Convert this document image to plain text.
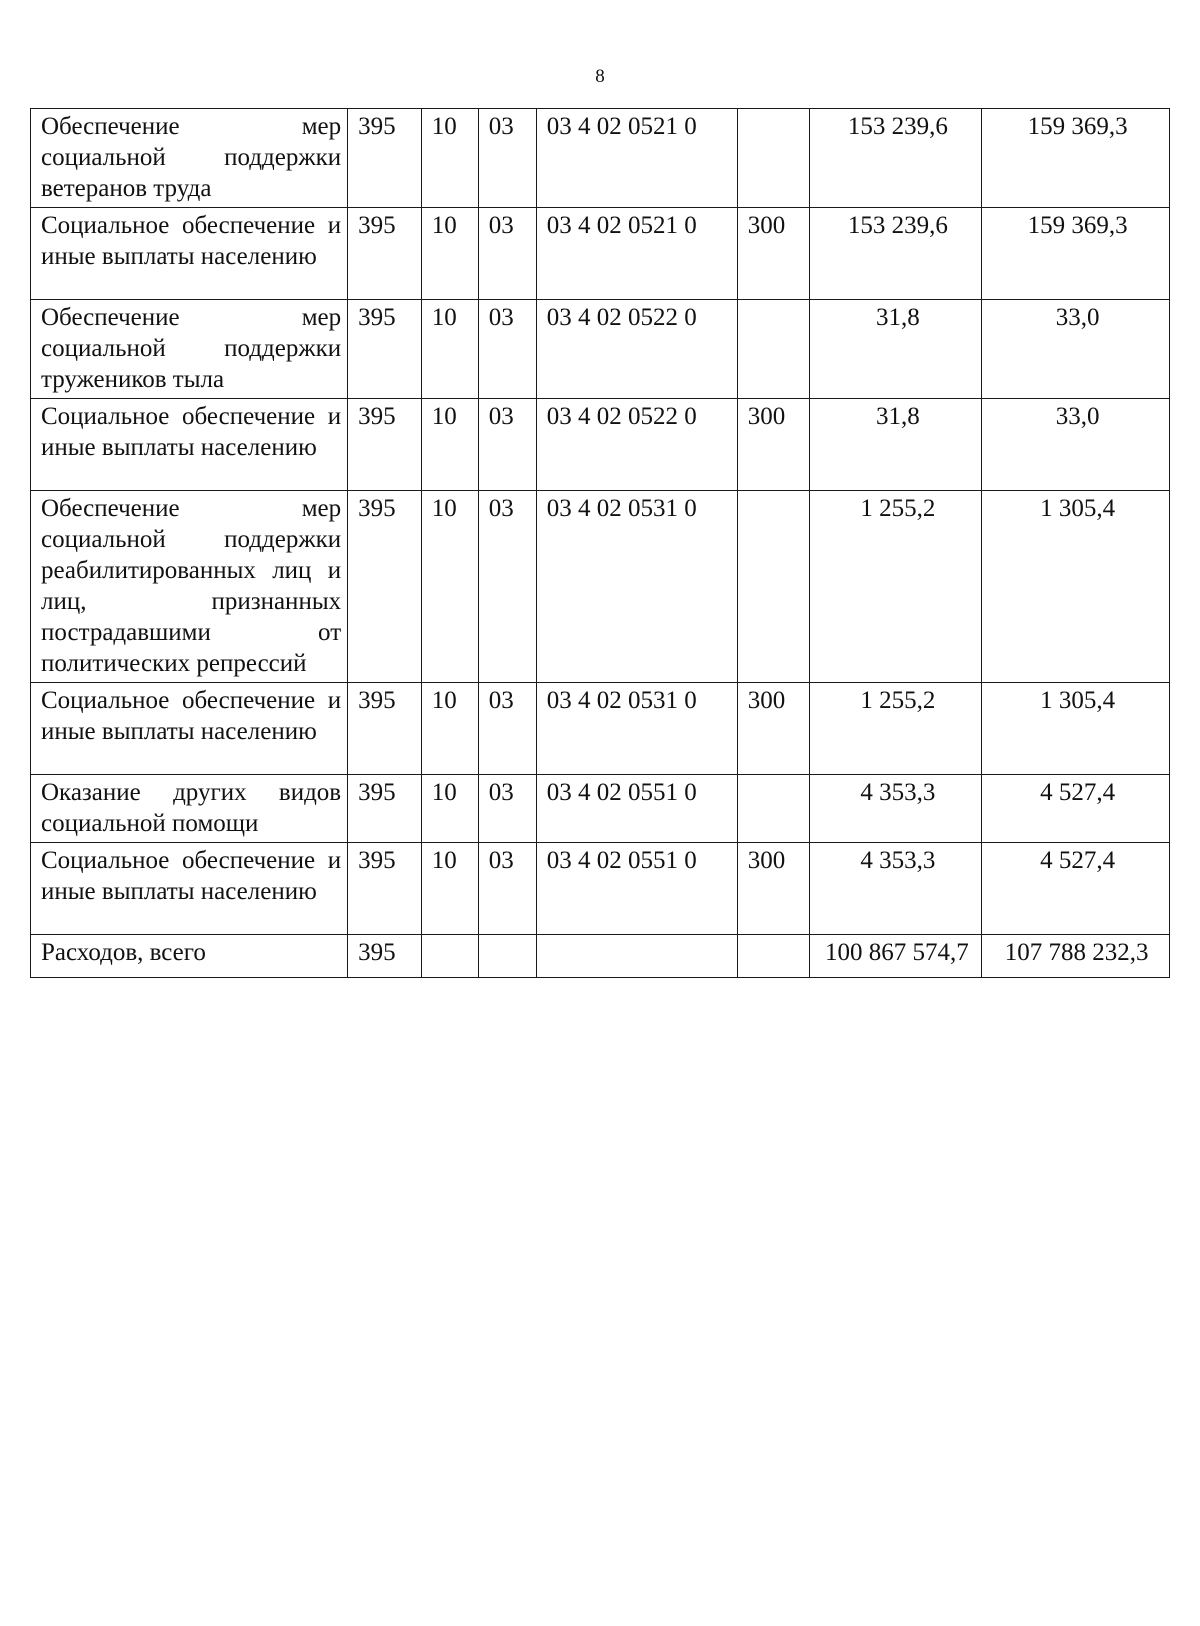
8
Обеспечение мер социальной поддержки ветеранов труда	395	10	03	03 4 02 0521 0		153 239,6	159 369,3
Социальное обеспечение и иные выплаты населению	395	10	03	03 4 02 0521 0	300	153 239,6	159 369,3
Обеспечение мер социальной поддержки тружеников тыла	395	10	03	03 4 02 0522 0		31,8	33,0
Социальное обеспечение и иные выплаты населению	395	10	03	03 4 02 0522 0	300	31,8	33,0
Обеспечение мер социальной поддержки реабилитированных лиц и лиц, признанных пострадавшими от политических репрессий	395	10	03	03 4 02 0531 0		1 255,2	1 305,4
Социальное обеспечение и иные выплаты населению	395	10	03	03 4 02 0531 0	300	1 255,2	1 305,4
Оказание других видов социальной помощи	395	10	03	03 4 02 0551 0		4 353,3	4 527,4
Социальное обеспечение и иные выплаты населению	395	10	03	03 4 02 0551 0	300	4 353,3	4 527,4
Расходов, всего	395					100 867 574,7	107 788 232,3
